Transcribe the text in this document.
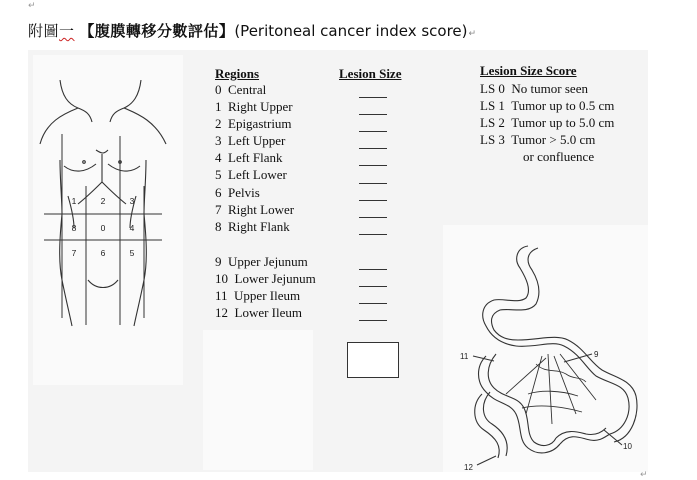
↵
附圖一 【腹膜轉移分數評估】(Peritoneal cancer index score)↵
1	2	3
8	0	4
7	6	5
Regions	Lesion Size	Lesion Size Score
0 Central
1 Right Upper
2 Epigastrium
3 Left Upper
4 Left Flank
5 Left Lower
6 Pelvis
7 Right Lower
8 Right Flank
9 Upper Jejunum
10 Lower Jejunum
11 Upper Ileum
12 Lower Ileum
LS 0 No tumor seen
LS 1 Tumor up to 0.5 cm
LS 2 Tumor up to 5.0 cm
LS 3 Tumor > 5.0 cm
or confluence
11	9
10
12
↵
